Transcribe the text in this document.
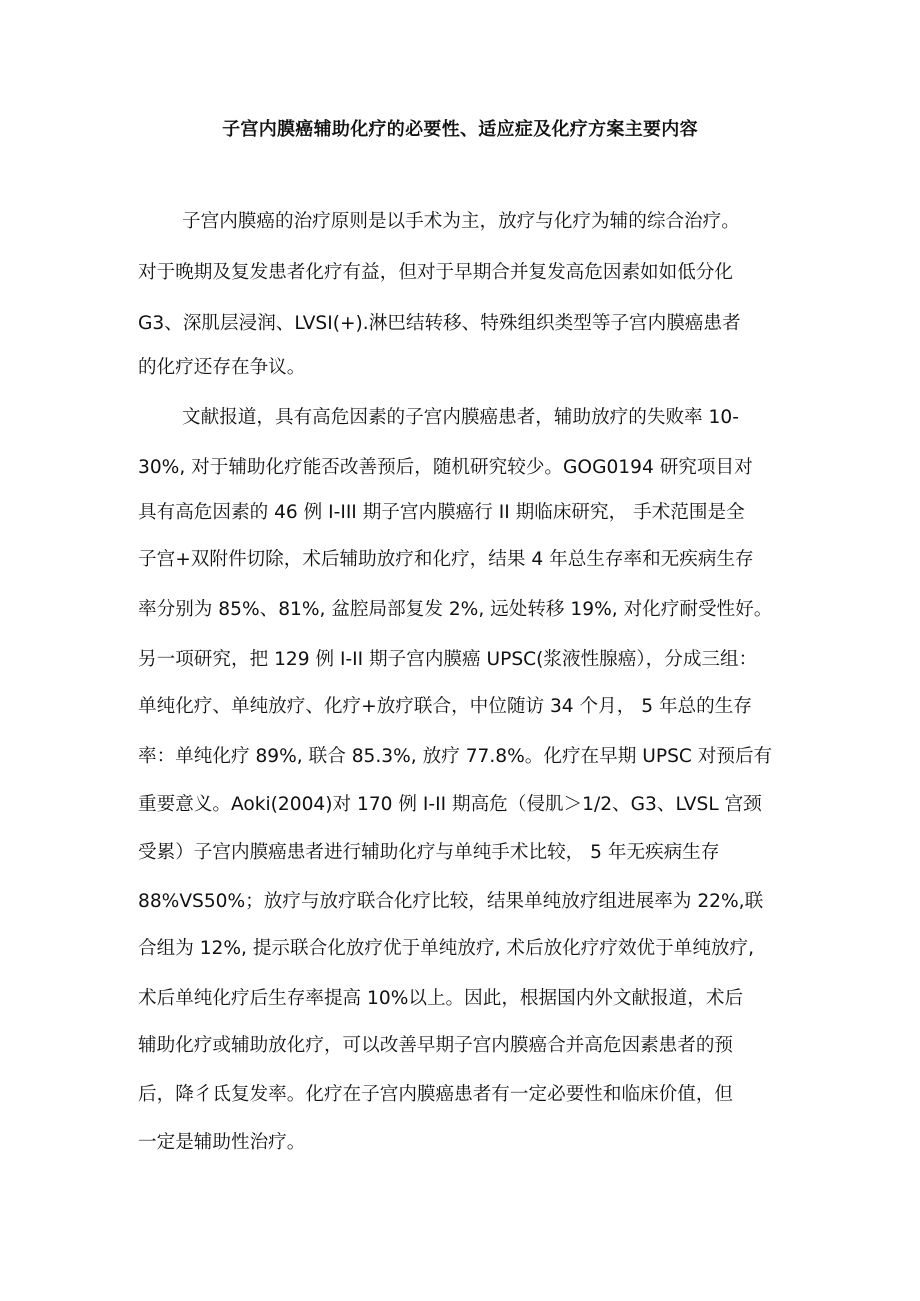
子宫内膜癌辅助化疗的必要性、适应症及化疗方案主要内容
子宫内膜癌的治疗原则是以手术为主，放疗与化疗为辅的综合治疗。
对于晚期及复发患者化疗有益，但对于早期合并复发高危因素如如低分化
G3、深肌层浸润、LVSI(+).淋巴结转移、特殊组织类型等子宫内膜癌患者
的化疗还存在争议。
文献报道，具有高危因素的子宫内膜癌患者，辅助放疗的失败率 10-
30%, 对于辅助化疗能否改善预后，随机研究较少。GOG0194 研究项目对
具有高危因素的 46 例 I-III 期子宫内膜癌行 II 期临床研究， 手术范围是全
子宫+双附件切除，术后辅助放疗和化疗，结果 4 年总生存率和无疾病生存
率分别为 85%、81%, 盆腔局部复发 2%, 远处转移 19%, 对化疗耐受性好。
另一项研究，把 129 例 I-II 期子宫内膜癌 UPSC(浆液性腺癌），分成三组：
单纯化疗、单纯放疗、化疗+放疗联合，中位随访 34 个月， 5 年总的生存
率：单纯化疗 89%, 联合 85.3%, 放疗 77.8%。化疗在早期 UPSC 对预后有
重要意义。Aoki(2004)对 170 例 I-II 期高危（侵肌＞1/2、G3、LVSL 宫颈
受累）子宫内膜癌患者进行辅助化疗与单纯手术比较， 5 年无疾病生存
88%VS50%；放疗与放疗联合化疗比较，结果单纯放疗组进展率为 22%,联
合组为 12%, 提示联合化放疗优于单纯放疗, 术后放化疗疗效优于单纯放疗,
术后单纯化疗后生存率提高 10%以上。因此，根据国内外文献报道，术后
辅助化疗或辅助放化疗，可以改善早期子宫内膜癌合并高危因素患者的预
后，降彳氐复发率。化疗在子宫内膜癌患者有一定必要性和临床价值，但
一定是辅助性治疗。
